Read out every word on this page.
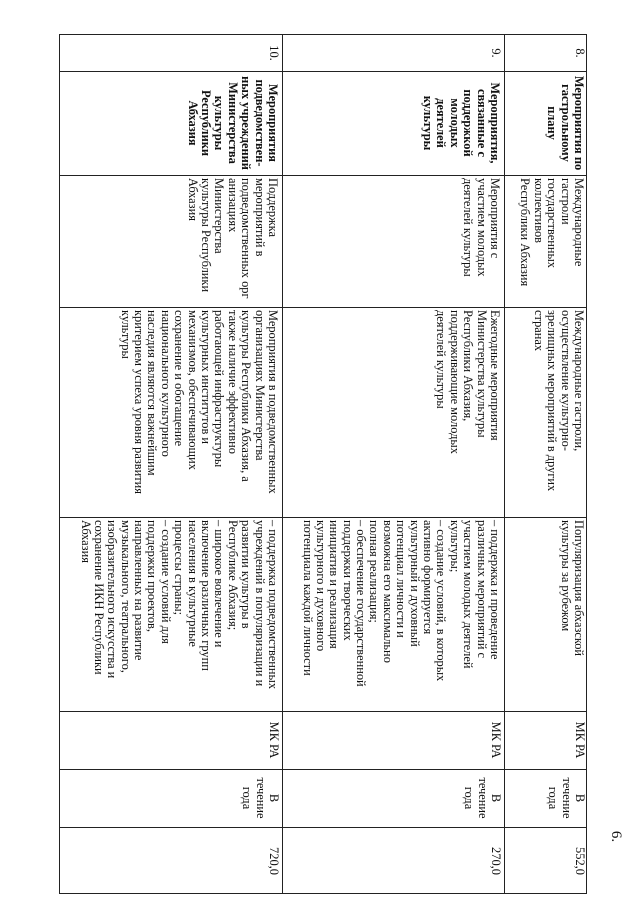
6.
8.
Мероприятия по
гастрольному
плану
Международные
гастроли
государственных
коллективов
Республики Абхазия
Международные гастроли,
осуществление культурно-
зрелищных мероприятий в других
странах
Популяризация абхазской
культуры за рубежом
МК РА
В
течение
года
552,0
9.
Мероприятия,
связанные с
поддержкой
молодых
деятелей
культуры
Мероприятия с
участием молодых
деятелей культуры
Ежегодные мероприятия
Министерства культуры
Республики Абхазия,
поддерживающие молодых
деятелей культуры
– поддержка и проведение
различных мероприятий с
участием молодых деятелей
культуры;
– создание условий, в которых
активно формируется
культурный и духовный
потенциал личности и
возможна его максимально
полная реализация;
– обеспечение государственной
поддержки творческих
инициатив и реализация
культурного и духовного
потенциала каждой личности
МК РА
В
течение
года
270,0
10.
Мероприятия
подведомствен-
ных учреждений
Министерства
культуры
Республики
Абхазия
Поддержка
мероприятий в
подведомственных орг
анизациях
Министерства
культуры Республики
Абхазия
Мероприятия в подведомственных
организациях Министерства
культуры Республики Абхазия, а
также наличие эффективно
работающей инфраструктуры
культурных институтов и
механизмов, обеспечивающих
сохранение и обогащение
национального культурного
наследия являются важнейшим
критерием успеха уровня развития
культуры
– поддержка подведомственных
учреждений в популяризации и
развитии культуры в
Республике Абхазия;
– широкое вовлечение и
включение различных групп
населения в культурные
процессы страны;
– создание условий для
поддержки проектов,
направленных на развитие
музыкального, театрального,
изобразительного искусства и
сохранение ИКН Республики
Абхазия
МК РА
В
течение
года
720,0
